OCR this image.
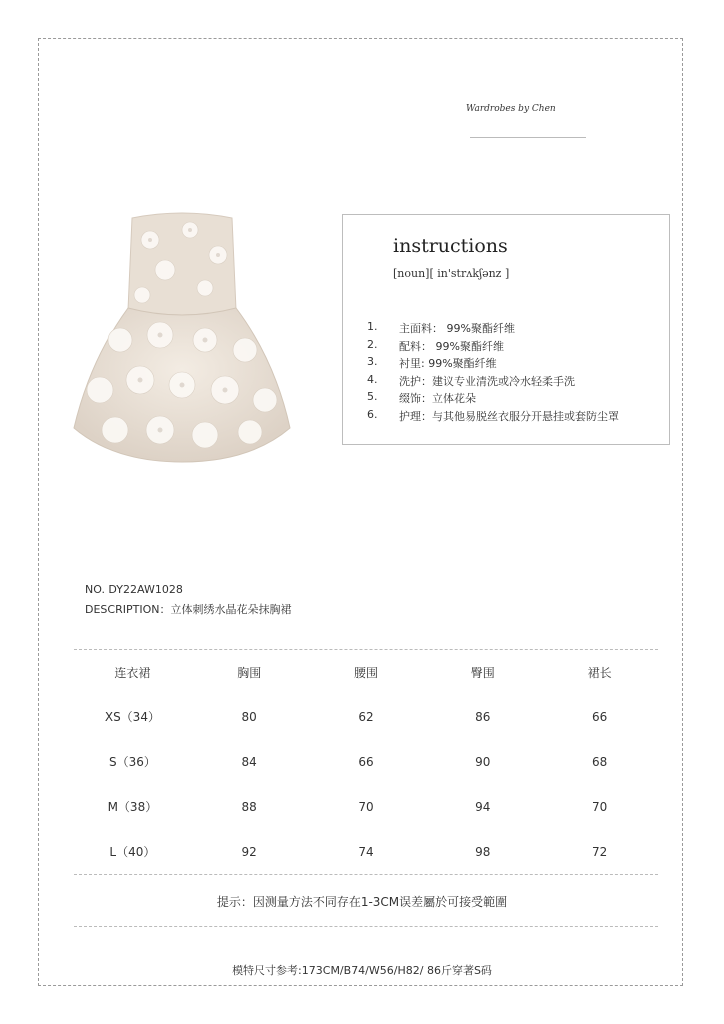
Wardrobes by Chen
instructions
[noun][ in'strʌkʃənz ]
1.	主面料： 99%聚酯纤维
2.	配料： 99%聚酯纤维
3.	衬里: 99%聚酯纤维
4.	洗护：建议专业清洗或冷水轻柔手洗
5.	缀饰：立体花朵
6.	护理：与其他易脱丝衣服分开悬挂或套防尘罩
NO. DY22AW1028
DESCRIPTION：立体刺绣水晶花朵抹胸裙
连衣裙	胸围	腰围	臀围	裙长
XS（34）	80	62	86	66
S（36）	84	66	90	68
M（38）	88	70	94	70
L（40）	92	74	98	72
提示：因测量方法不同存在1-3CM误差屬於可接受範圍
模特尺寸参考:173CM/B74/W56/H82/ 86斤穿著S码
